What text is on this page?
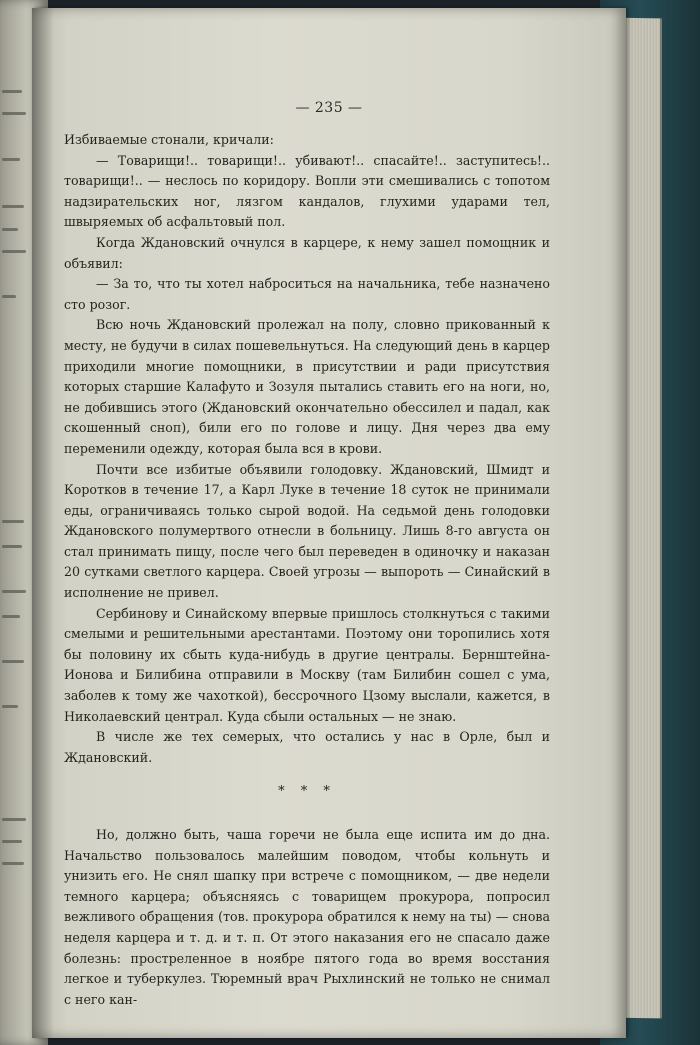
— 235 —

Избиваемые стонали, кричали:

— Товарищи!.. товарищи!.. убивают!.. спасайте!.. заступитесь!.. товарищи!.. — неслось по коридору. Вопли эти смешивались с топотом надзирательских ног, лязгом кандалов, глухими ударами тел, швыряемых об асфальтовый пол.

Когда Ждановский очнулся в карцере, к нему зашел помощник и объявил:

— За то, что ты хотел наброситься на начальника, тебе назначено сто розог.

Всю ночь Ждановский пролежал на полу, словно прикованный к месту, не будучи в силах пошевельнуться. На следующий день в карцер приходили многие помощники, в присутствии и ради присутствия которых старшие Калафуто и Зозуля пытались ставить его на ноги, но, не добившись этого (Ждановский окончательно обессилел и падал, как скошенный сноп), били его по голове и лицу. Дня через два ему переменили одежду, которая была вся в крови.

Почти все избитые объявили голодовку. Ждановский, Шмидт и Коротков в течение 17, а Карл Луке в течение 18 суток не принимали еды, ограничиваясь только сырой водой. На седьмой день голодовки Ждановского полумертвого отнесли в больницу. Лишь 8-го августа он стал принимать пищу, после чего был переведен в одиночку и наказан 20 сутками светлого карцера. Своей угрозы — выпороть — Синайский в исполнение не привел.

Сербинову и Синайскому впервые пришлось столкнуться с такими смелыми и решительными арестантами. Поэтому они торопились хотя бы половину их сбыть куда-нибудь в другие централы. Бернштейна-Ионова и Билибина отправили в Москву (там Билибин сошел с ума, заболев к тому же чахоткой), бессрочного Цзому выслали, кажется, в Николаевский централ. Куда сбыли остальных — не знаю.

В числе же тех семерых, что остались у нас в Орле, был и Ждановский.

* * *

Но, должно быть, чаша горечи не была еще испита им до дна. Начальство пользовалось малейшим поводом, чтобы кольнуть и унизить его. Не снял шапку при встрече с помощником, — две недели темного карцера; объясняясь с товарищем прокурора, попросил вежливого обращения (тов. прокурора обратился к нему на ты) — снова неделя карцера и т. д. и т. п. От этого наказания его не спасало даже болезнь: простреленное в ноябре пятого года во время восстания легкое и туберкулез. Тюремный врач Рыхлинский не только не снимал с него кан-
